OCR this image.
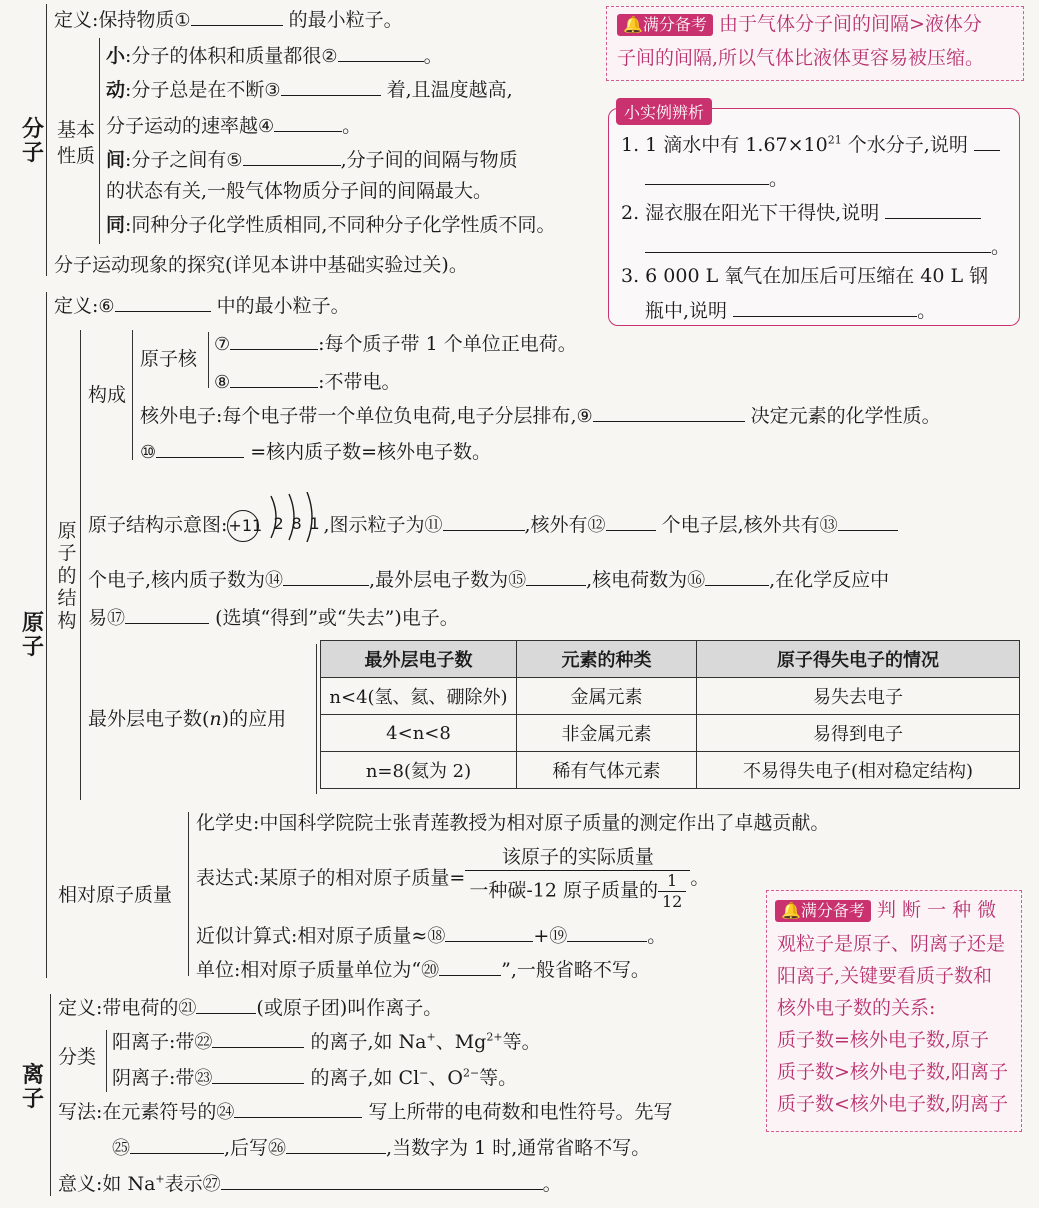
分子
定义:保持物质①	的最小粒子。
基本性质
小:分子的体积和质量都很②	。
动:分子总是在不断③	着,且温度越高,
分子运动的速率越④	。
间:分子之间有⑤	,分子间的间隔与物质
的状态有关,一般气体物质分子间的间隔最大。
同:同种分子化学性质相同,不同种分子化学性质不同。
分子运动现象的探究(详见本讲中基础实验过关)。
🔔满分备考 由于气体分子间的间隔>液体分
子间的间隔,所以气体比液体更容易被压缩。
1. 1 滴水中有 $1.67\times 10^{21}$ 个水分子,说明
。
2. 湿衣服在阳光下干得快,说明
。
3. 6 000 L 氧气在加压后可压缩在 40 L 钢
瓶中,说明	。
小实例辨析
原子
定义:⑥	中的最小粒子。
原子的结构
构成
原子核
⑦	:每个质子带 1 个单位正电荷。
⑧	:不带电。
核外电子:每个电子带一个单位负电荷,电子分层排布,⑨	决定元素的化学性质。
⑩	=核内质子数=核外电子数。
原子结构示意图:+11 2 8 1 ,图示粒子为⑪	,核外有⑫	个电子层,核外共有⑬
个电子,核内质子数为⑭	,最外层电子数为⑮	,核电荷数为⑯	,在化学反应中
易⑰	(选填“得到”或“失去”)电子。
最外层电子数(n)的应用
最外层电子数	元素的种类	原子得失电子的情况
n<4(氢、氦、硼除外)	金属元素	易失去电子
4<n<8	非金属元素	易得到电子
n=8(氦为 2)	稀有气体元素	不易得失电子(相对稳定结构)
相对原子质量
化学史:中国科学院院士张青莲教授为相对原子质量的测定作出了卓越贡献。
表达式:某原子的相对原子质量= $\frac{\text{该原子的实际质量}}{一种碳-12 原子质量的 \frac{1}{12}}$ 。
近似计算式:相对原子质量≈⑱	+⑲	。
单位:相对原子质量单位为“⑳	”,一般省略不写。
🔔满分备考 判 断 一 种 微
观粒子是原子、阴离子还是
阳离子,关键要看质子数和
核外电子数的关系:
质子数=核外电子数,原子
质子数>核外电子数,阳离子
质子数<核外电子数,阴离子
离子
定义:带电荷的㉑	(或原子团)叫作离子。
分类
阳离子:带㉒	的离子,如 Na+、$Mg^{2+}$等。
阴离子:带㉓	的离子,如 Cl−、$O^{2-}$等。
写法:在元素符号的㉔	写上所带的电荷数和电性符号。先写
㉕	,后写㉖	,当数字为 1 时,通常省略不写。
意义:如 Na+表示㉗	。
